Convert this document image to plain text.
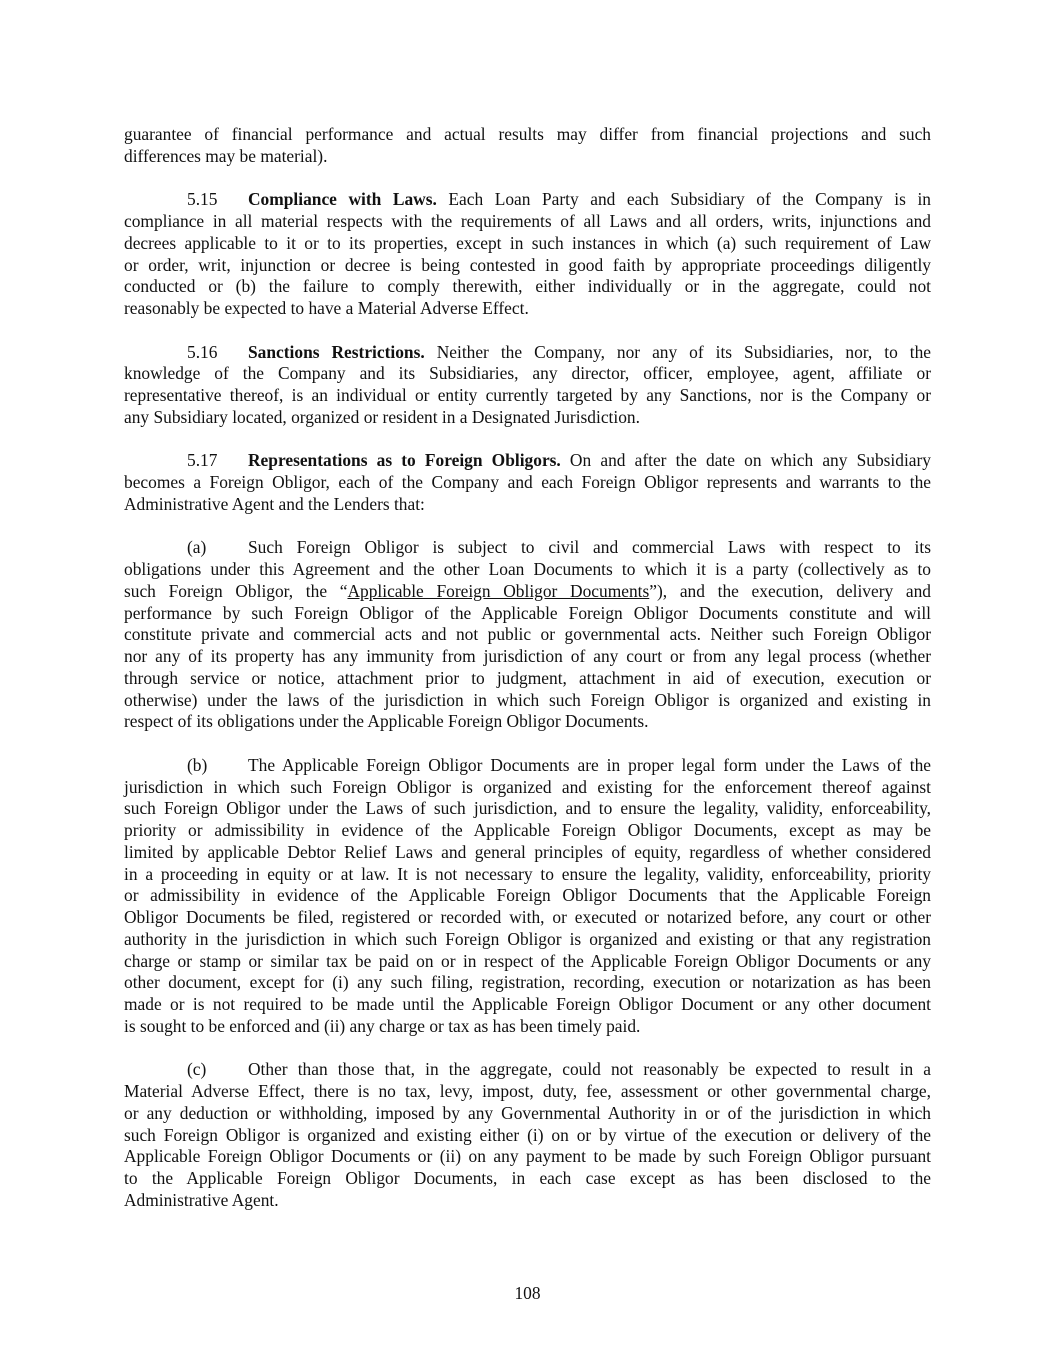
guarantee of financial performance and actual results may differ from financial projections and such
differences may be material).
5.15 Compliance with Laws. Each Loan Party and each Subsidiary of the Company is in
compliance in all material respects with the requirements of all Laws and all orders, writs, injunctions and
decrees applicable to it or to its properties, except in such instances in which (a) such requirement of Law
or order, writ, injunction or decree is being contested in good faith by appropriate proceedings diligently
conducted or (b) the failure to comply therewith, either individually or in the aggregate, could not
reasonably be expected to have a Material Adverse Effect.
5.16 Sanctions Restrictions. Neither the Company, nor any of its Subsidiaries, nor, to the
knowledge of the Company and its Subsidiaries, any director, officer, employee, agent, affiliate or
representative thereof, is an individual or entity currently targeted by any Sanctions, nor is the Company or
any Subsidiary located, organized or resident in a Designated Jurisdiction.
5.17 Representations as to Foreign Obligors. On and after the date on which any Subsidiary
becomes a Foreign Obligor, each of the Company and each Foreign Obligor represents and warrants to the
Administrative Agent and the Lenders that:
(a) Such Foreign Obligor is subject to civil and commercial Laws with respect to its
obligations under this Agreement and the other Loan Documents to which it is a party (collectively as to
such Foreign Obligor, the “Applicable Foreign Obligor Documents”), and the execution, delivery and
performance by such Foreign Obligor of the Applicable Foreign Obligor Documents constitute and will
constitute private and commercial acts and not public or governmental acts. Neither such Foreign Obligor
nor any of its property has any immunity from jurisdiction of any court or from any legal process (whether
through service or notice, attachment prior to judgment, attachment in aid of execution, execution or
otherwise) under the laws of the jurisdiction in which such Foreign Obligor is organized and existing in
respect of its obligations under the Applicable Foreign Obligor Documents.
(b) The Applicable Foreign Obligor Documents are in proper legal form under the Laws of the
jurisdiction in which such Foreign Obligor is organized and existing for the enforcement thereof against
such Foreign Obligor under the Laws of such jurisdiction, and to ensure the legality, validity, enforceability,
priority or admissibility in evidence of the Applicable Foreign Obligor Documents, except as may be
limited by applicable Debtor Relief Laws and general principles of equity, regardless of whether considered
in a proceeding in equity or at law. It is not necessary to ensure the legality, validity, enforceability, priority
or admissibility in evidence of the Applicable Foreign Obligor Documents that the Applicable Foreign
Obligor Documents be filed, registered or recorded with, or executed or notarized before, any court or other
authority in the jurisdiction in which such Foreign Obligor is organized and existing or that any registration
charge or stamp or similar tax be paid on or in respect of the Applicable Foreign Obligor Documents or any
other document, except for (i) any such filing, registration, recording, execution or notarization as has been
made or is not required to be made until the Applicable Foreign Obligor Document or any other document
is sought to be enforced and (ii) any charge or tax as has been timely paid.
(c) Other than those that, in the aggregate, could not reasonably be expected to result in a
Material Adverse Effect, there is no tax, levy, impost, duty, fee, assessment or other governmental charge,
or any deduction or withholding, imposed by any Governmental Authority in or of the jurisdiction in which
such Foreign Obligor is organized and existing either (i) on or by virtue of the execution or delivery of the
Applicable Foreign Obligor Documents or (ii) on any payment to be made by such Foreign Obligor pursuant
to the Applicable Foreign Obligor Documents, in each case except as has been disclosed to the
Administrative Agent.
108
